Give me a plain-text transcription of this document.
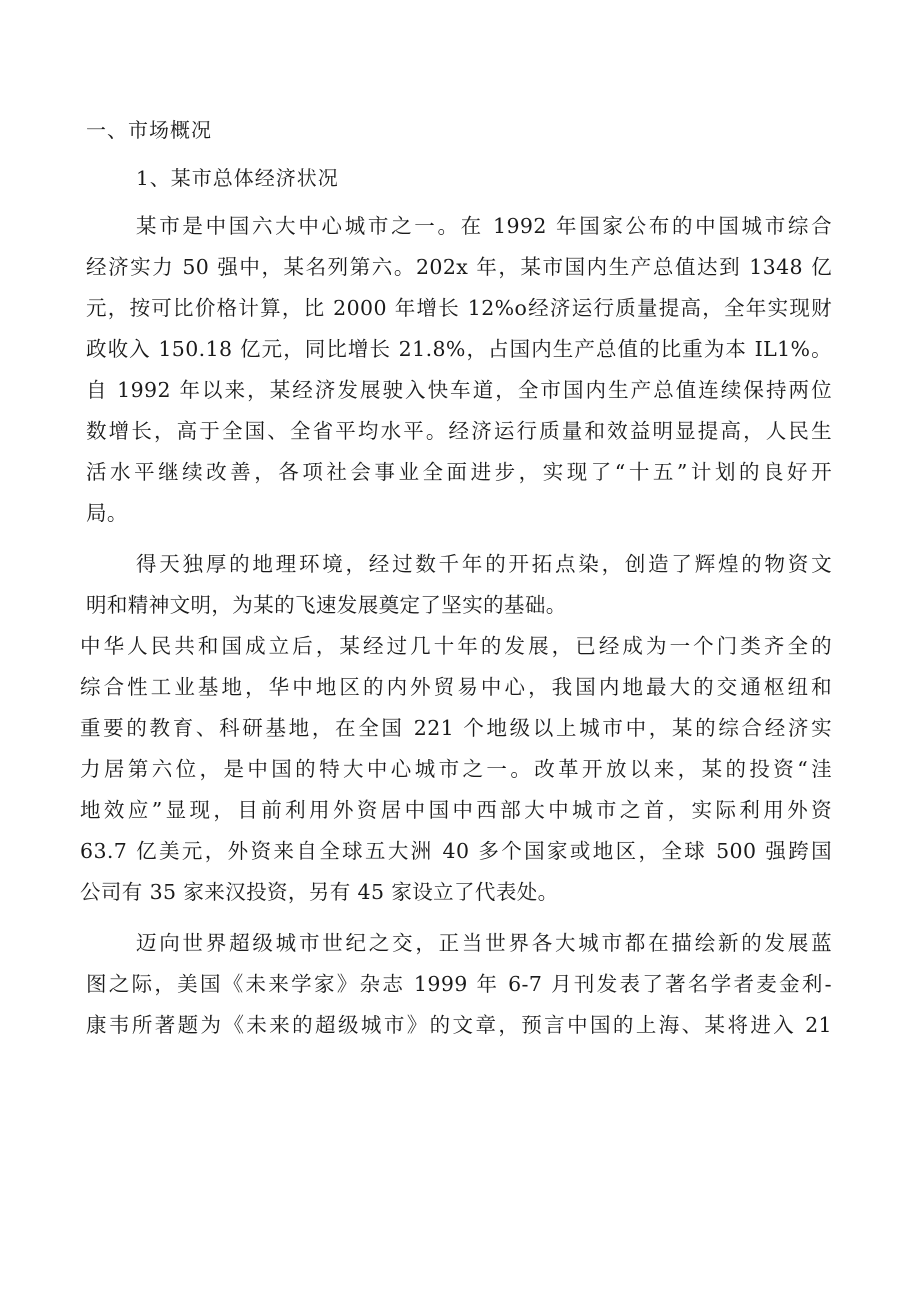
一、市场概况
1、某市总体经济状况
某市是中国六大中心城市之一。在 1992 年国家公布的中国城市综合
经济实力 50 强中，某名列第六。202x 年，某市国内生产总值达到 1348 亿
元，按可比价格计算，比 2000 年增长 12%o经济运行质量提高，全年实现财
政收入 150.18 亿元，同比增长 21.8%，占国内生产总值的比重为本 IL1%。
自 1992 年以来，某经济发展驶入快车道，全市国内生产总值连续保持两位
数增长，高于全国、全省平均水平。经济运行质量和效益明显提高，人民生
活水平继续改善，各项社会事业全面进步，实现了“十五”计划的良好开
局。
得天独厚的地理环境，经过数千年的开拓点染，创造了辉煌的物资文
明和精神文明，为某的飞速发展奠定了坚实的基础。
中华人民共和国成立后，某经过几十年的发展，已经成为一个门类齐全的
综合性工业基地，华中地区的内外贸易中心，我国内地最大的交通枢纽和
重要的教育、科研基地，在全国 221 个地级以上城市中，某的综合经济实
力居第六位，是中国的特大中心城市之一。改革开放以来，某的投资“洼
地效应”显现，目前利用外资居中国中西部大中城市之首，实际利用外资
63.7 亿美元，外资来自全球五大洲 40 多个国家或地区，全球 500 强跨国
公司有 35 家来汉投资，另有 45 家设立了代表处。
迈向世界超级城市世纪之交，正当世界各大城市都在描绘新的发展蓝
图之际，美国《未来学家》杂志 1999 年 6-7 月刊发表了著名学者麦金利-
康韦所著题为《未来的超级城市》的文章，预言中国的上海、某将进入 21
